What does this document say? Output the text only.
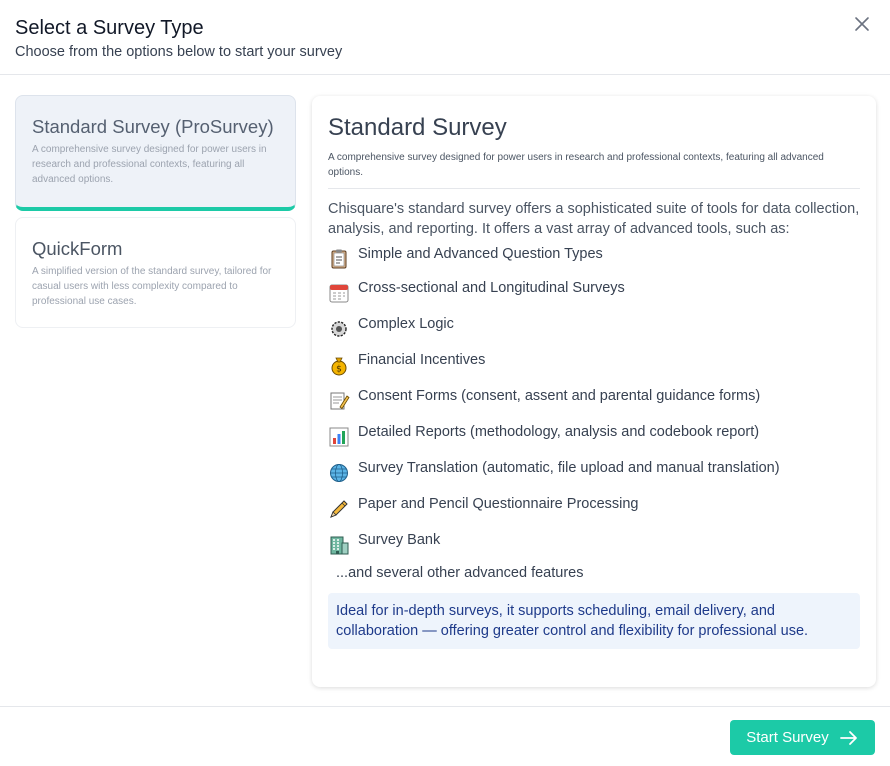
Select a Survey Type
Choose from the options below to start your survey
Standard Survey (ProSurvey)
A comprehensive survey designed for power users in research and professional contexts, featuring all advanced options.
QuickForm
A simplified version of the standard survey, tailored for casual users with less complexity compared to professional use cases.
Standard Survey
A comprehensive survey designed for power users in research and professional contexts, featuring all advanced options.
Chisquare's standard survey offers a sophisticated suite of tools for data collection, analysis, and reporting. It offers a vast array of advanced tools, such as:
Simple and Advanced Question Types
Cross-sectional and Longitudinal Surveys
Complex Logic
$
Financial Incentives
Consent Forms (consent, assent and parental guidance forms)
Detailed Reports (methodology, analysis and codebook report)
Survey Translation (automatic, file upload and manual translation)
Paper and Pencil Questionnaire Processing
Survey Bank
...and several other advanced features
Ideal for in-depth surveys, it supports scheduling, email delivery, and collaboration — offering greater control and flexibility for professional use.
Start Survey
